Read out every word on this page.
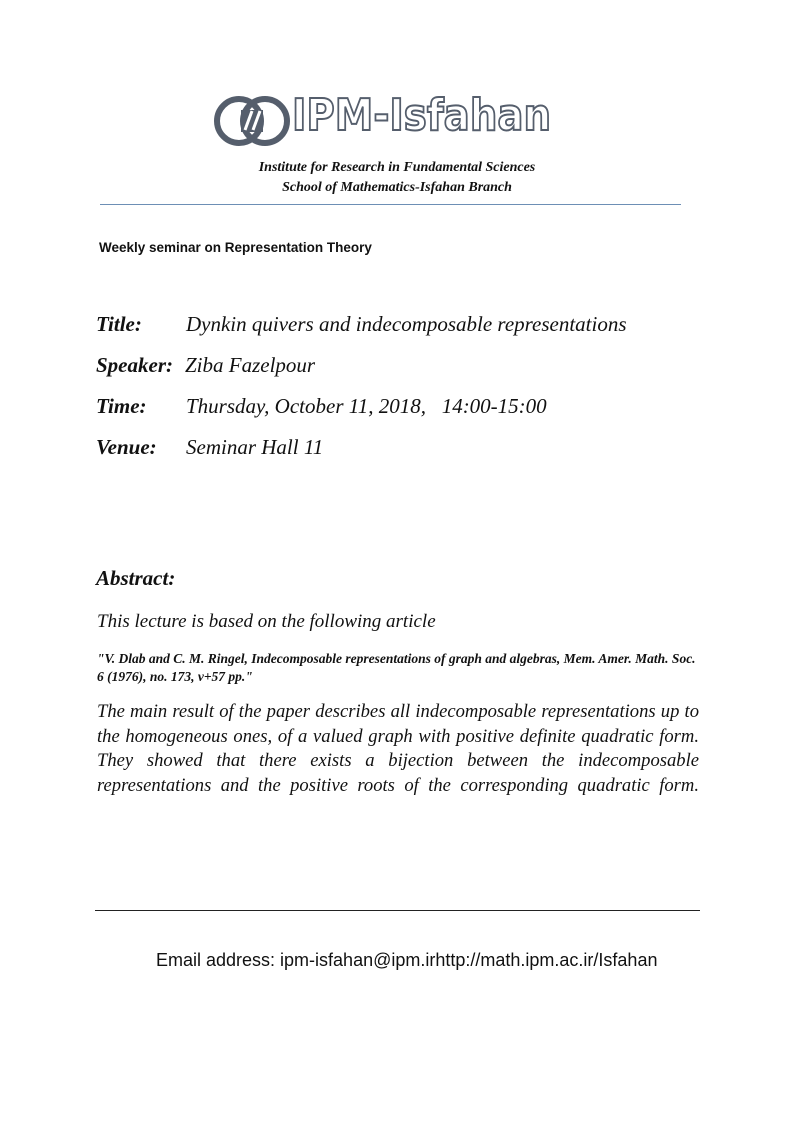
IPM-Isfahan
Institute for Research in Fundamental Sciences
School of Mathematics-Isfahan Branch
Weekly seminar on Representation Theory
Title: Dynkin quivers and indecomposable representations
Speaker: Ziba Fazelpour
Time: Thursday, October 11, 2018,   14:00-15:00
Venue: Seminar Hall 11
Abstract:
This lecture is based on the following article
"V. Dlab and C. M. Ringel, Indecomposable representations of graph and algebras, Mem. Amer. Math. Soc. 6 (1976), no. 173, v+57 pp."
The main result of the paper describes all indecomposable representations up to the homogeneous ones, of a valued graph with positive definite quadratic form. They showed that there exists a bijection between the indecomposable representations and the positive roots of the corresponding quadratic form.
Email address: ipm-isfahan@ipm.irhttp://math.ipm.ac.ir/Isfahan
